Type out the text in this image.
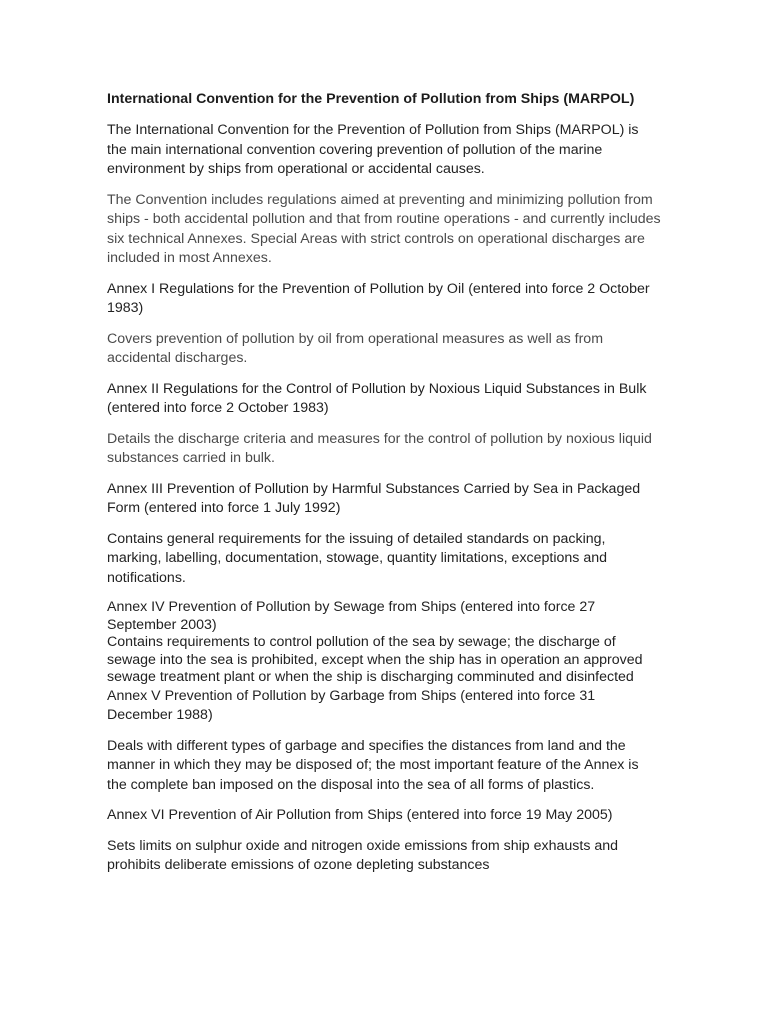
International Convention for the Prevention of Pollution from Ships (MARPOL)

The International Convention for the Prevention of Pollution from Ships (MARPOL) is the main international convention covering prevention of pollution of the marine environment by ships from operational or accidental causes.

The Convention includes regulations aimed at preventing and minimizing pollution from ships - both accidental pollution and that from routine operations - and currently includes six technical Annexes. Special Areas with strict controls on operational discharges are included in most Annexes.

Annex I Regulations for the Prevention of Pollution by Oil (entered into force 2 October 1983)

Covers prevention of pollution by oil from operational measures as well as from accidental discharges.

Annex II Regulations for the Control of Pollution by Noxious Liquid Substances in Bulk (entered into force 2 October 1983)

Details the discharge criteria and measures for the control of pollution by noxious liquid substances carried in bulk.

Annex III Prevention of Pollution by Harmful Substances Carried by Sea in Packaged Form (entered into force 1 July 1992)

Contains general requirements for the issuing of detailed standards on packing, marking, labelling, documentation, stowage, quantity limitations, exceptions and notifications.

Annex IV Prevention of Pollution by Sewage from Ships (entered into force 27 September 2003)

Contains requirements to control pollution of the sea by sewage; the discharge of sewage into the sea is prohibited, except when the ship has in operation an approved sewage treatment plant or when the ship is discharging comminuted and disinfected

Annex V Prevention of Pollution by Garbage from Ships (entered into force 31 December 1988)

Deals with different types of garbage and specifies the distances from land and the manner in which they may be disposed of; the most important feature of the Annex is the complete ban imposed on the disposal into the sea of all forms of plastics.

Annex VI Prevention of Air Pollution from Ships (entered into force 19 May 2005)

Sets limits on sulphur oxide and nitrogen oxide emissions from ship exhausts and prohibits deliberate emissions of ozone depleting substances
